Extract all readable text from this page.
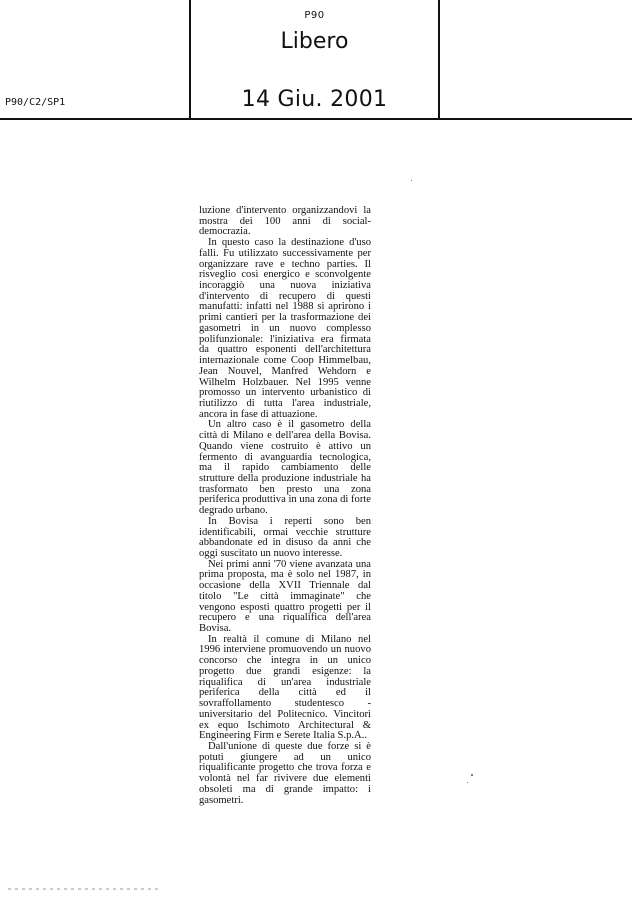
P90
Libero
P90/C2/SP1	14 Giu. 2001

luzione d'intervento organizzandovi la mostra dei 100 anni di social-democrazia.

In questo caso la destinazione d'uso fallì. Fu utilizzato successivamente per organizzare rave e techno parties. Il risveglio così energico e sconvolgente incoraggiò una nuova iniziativa d'intervento di recupero di questi manufatti: infatti nel 1988 si aprirono i primi cantieri per la trasformazione dei gasometri in un nuovo complesso polifunzionale: l'iniziativa era firmata da quattro esponenti dell'architettura internazionale come Coop Himmelbau, Jean Nouvel, Manfred Wehdorn e Wilhelm Holzbauer. Nel 1995 venne promosso un intervento urbanistico di riutilizzo di tutta l'area industriale, ancora in fase di attuazione.

Un altro caso è il gasometro della città di Milano e dell'area della Bovisa. Quando viene costruito è attivo un fermento di avanguardia tecnologica, ma il rapido cambiamento delle strutture della produzione industriale ha trasformato ben presto una zona periferica produttiva in una zona di forte degrado urbano.

In Bovisa i reperti sono ben identificabili, ormai vecchie strutture abbandonate ed in disuso da anni che oggi suscitato un nuovo interesse.

Nei primi anni '70 viene avanzata una prima proposta, ma è solo nel 1987, in occasione della XVII Triennale dal titolo "Le città immaginate" che vengono esposti quattro progetti per il recupero e una riqualifica dell'area Bovisa.

In realtà il comune di Milano nel 1996 interviene promuovendo un nuovo concorso che integra in un unico progetto due grandi esigenze: la riqualifica di un'area industriale periferica della città ed il sovraffollamento studentesco - universitario del Politecnico. Vincitori ex equo Ischimoto Architectural & Engineering Firm e Serete Italia S.p.A..

Dall'unione di queste due forze si è potuti giungere ad un unico riqualificante progetto che trova forza e volontà nel far rivivere due elementi obsoleti ma di grande impatto: i gasometri.
